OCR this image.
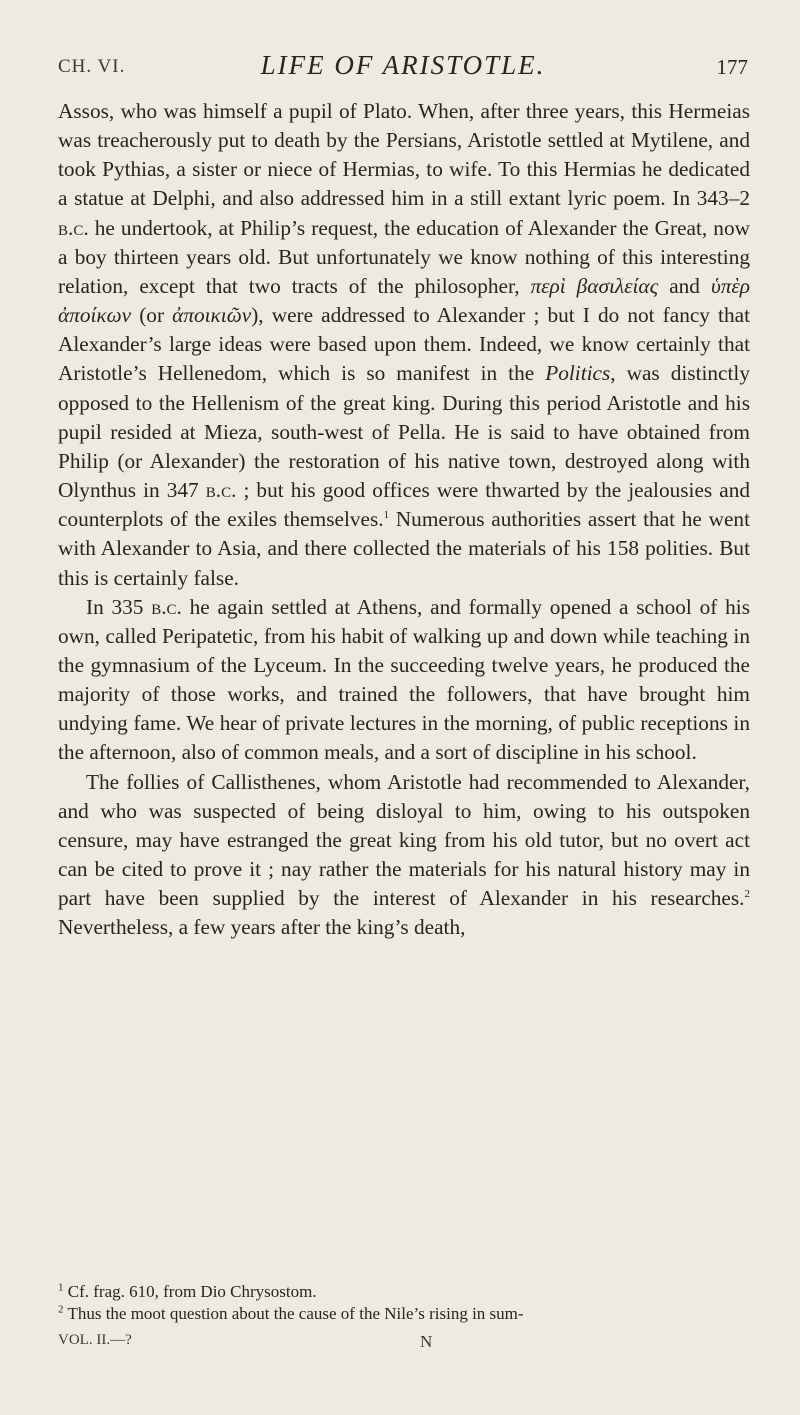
CH. VI.	LIFE OF ARISTOTLE.	177

Assos, who was himself a pupil of Plato. When, after three years, this Hermeias was treacherously put to death by the Persians, Aristotle settled at Mytilene, and took Pythias, a sister or niece of Hermias, to wife. To this Hermias he dedicated a statue at Delphi, and also addressed him in a still extant lyric poem. In 343–2 b.c. he undertook, at Philip’s request, the education of Alexander the Great, now a boy thirteen years old. But unfortunately we know nothing of this interesting relation, except that two tracts of the philosopher, περὶ βασιλείας and ὑπὲρ ἀποίκων (or ἀποικιῶν), were addressed to Alexander ; but I do not fancy that Alexander’s large ideas were based upon them. Indeed, we know certainly that Aristotle’s Hellenedom, which is so manifest in the Politics, was distinctly opposed to the Hellenism of the great king. During this period Aristotle and his pupil resided at Mieza, south-west of Pella. He is said to have obtained from Philip (or Alexander) the restoration of his native town, destroyed along with Olynthus in 347 b.c. ; but his good offices were thwarted by the jealousies and counterplots of the exiles themselves.$^1$ Numerous authorities assert that he went with Alexander to Asia, and there collected the materials of his 158 polities. But this is certainly false.

In 335 b.c. he again settled at Athens, and formally opened a school of his own, called Peripatetic, from his habit of walking up and down while teaching in the gymnasium of the Lyceum. In the succeeding twelve years, he produced the majority of those works, and trained the followers, that have brought him undying fame. We hear of private lectures in the morning, of public receptions in the afternoon, also of common meals, and a sort of discipline in his school.

The follies of Callisthenes, whom Aristotle had recommended to Alexander, and who was suspected of being disloyal to him, owing to his outspoken censure, may have estranged the great king from his old tutor, but no overt act can be cited to prove it ; nay rather the materials for his natural history may in part have been supplied by the interest of Alexander in his researches.$^2$ Nevertheless, a few years after the king’s death,

$^1$ Cf. frag. 610, from Dio Chrysostom.

$^2$ Thus the moot question about the cause of the Nile’s rising in sum-

VOL. II.—?	N
